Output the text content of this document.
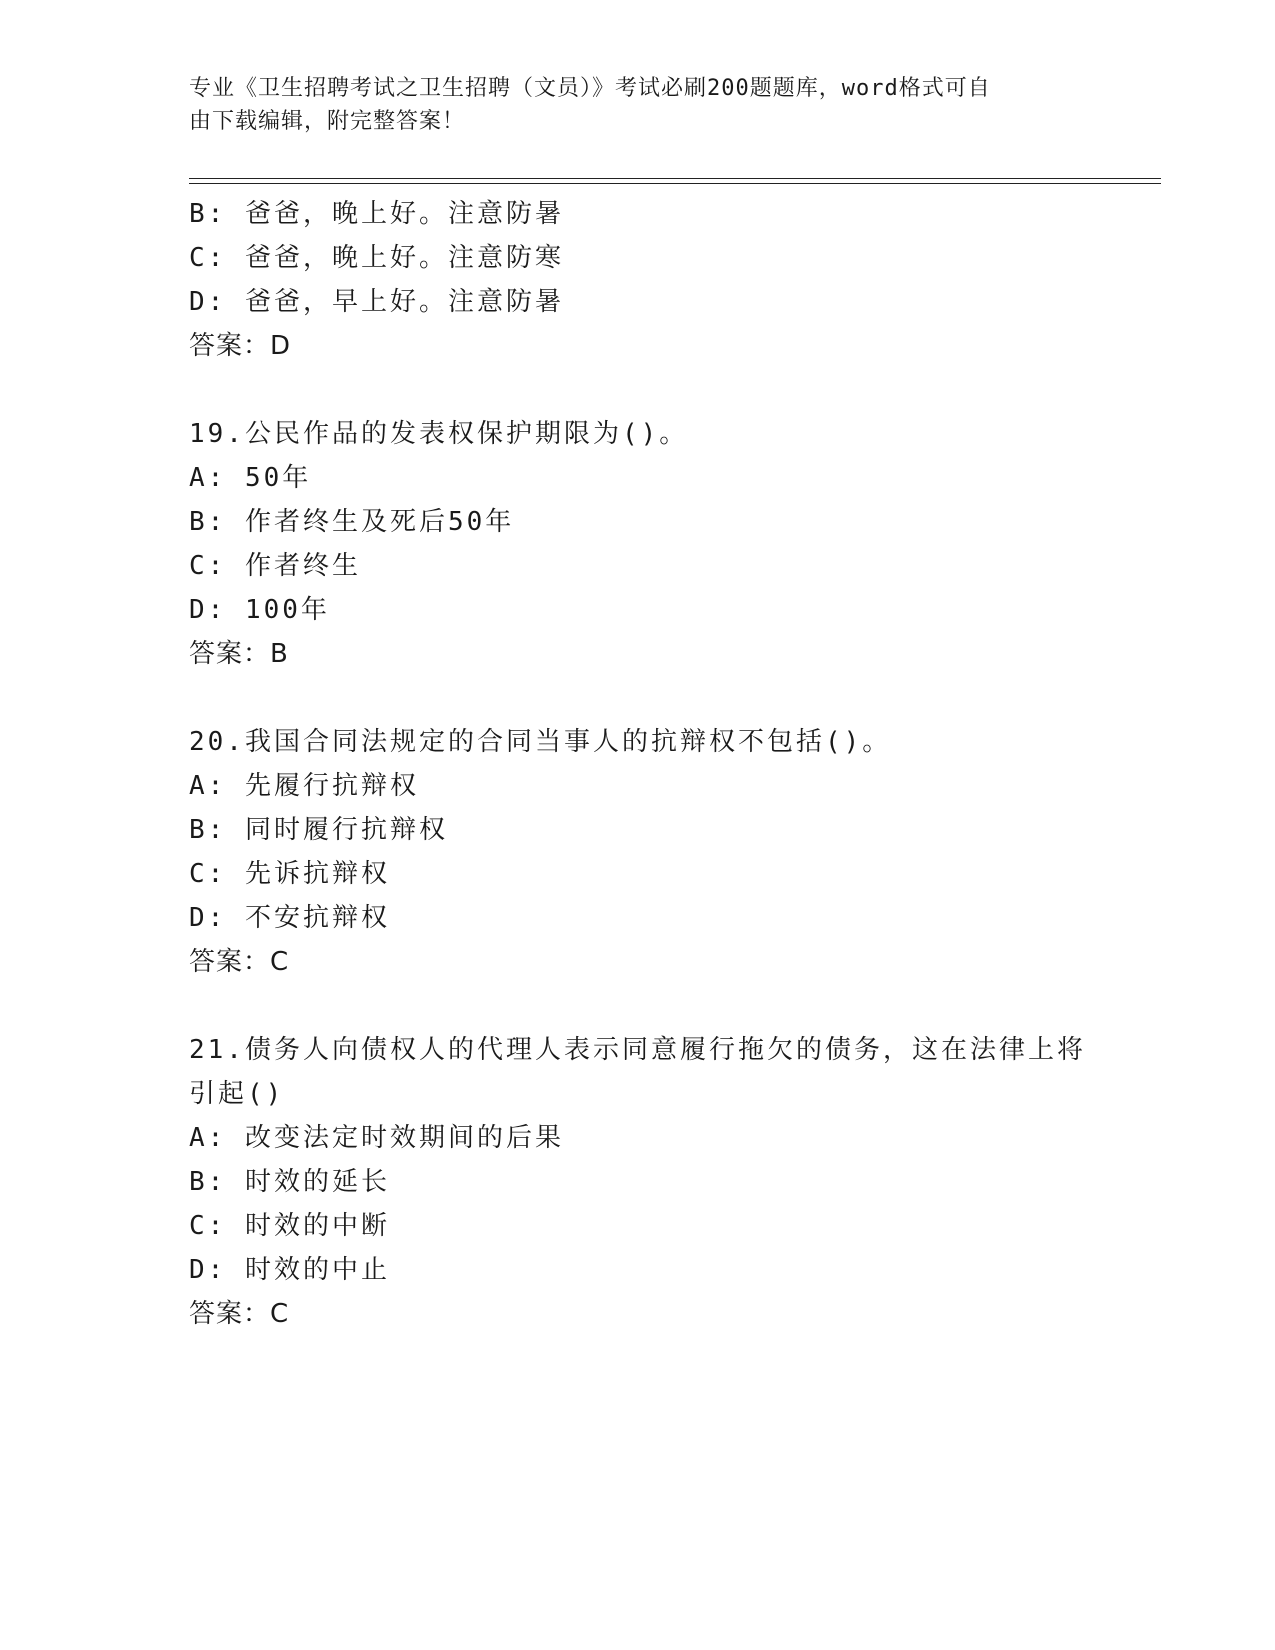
专业《卫生招聘考试之卫生招聘（文员）》考试必刷200题题库，word格式可自
由下载编辑，附完整答案！
B: 爸爸，晚上好。注意防暑
C: 爸爸，晚上好。注意防寒
D: 爸爸，早上好。注意防暑
答案：D
19.公民作品的发表权保护期限为()。
A: 50年
B: 作者终生及死后50年
C: 作者终生
D: 100年
答案：B
20.我国合同法规定的合同当事人的抗辩权不包括()。
A: 先履行抗辩权
B: 同时履行抗辩权
C: 先诉抗辩权
D: 不安抗辩权
答案：C
21.债务人向债权人的代理人表示同意履行拖欠的债务，这在法律上将
引起()
A: 改变法定时效期间的后果
B: 时效的延长
C: 时效的中断
D: 时效的中止
答案：C
